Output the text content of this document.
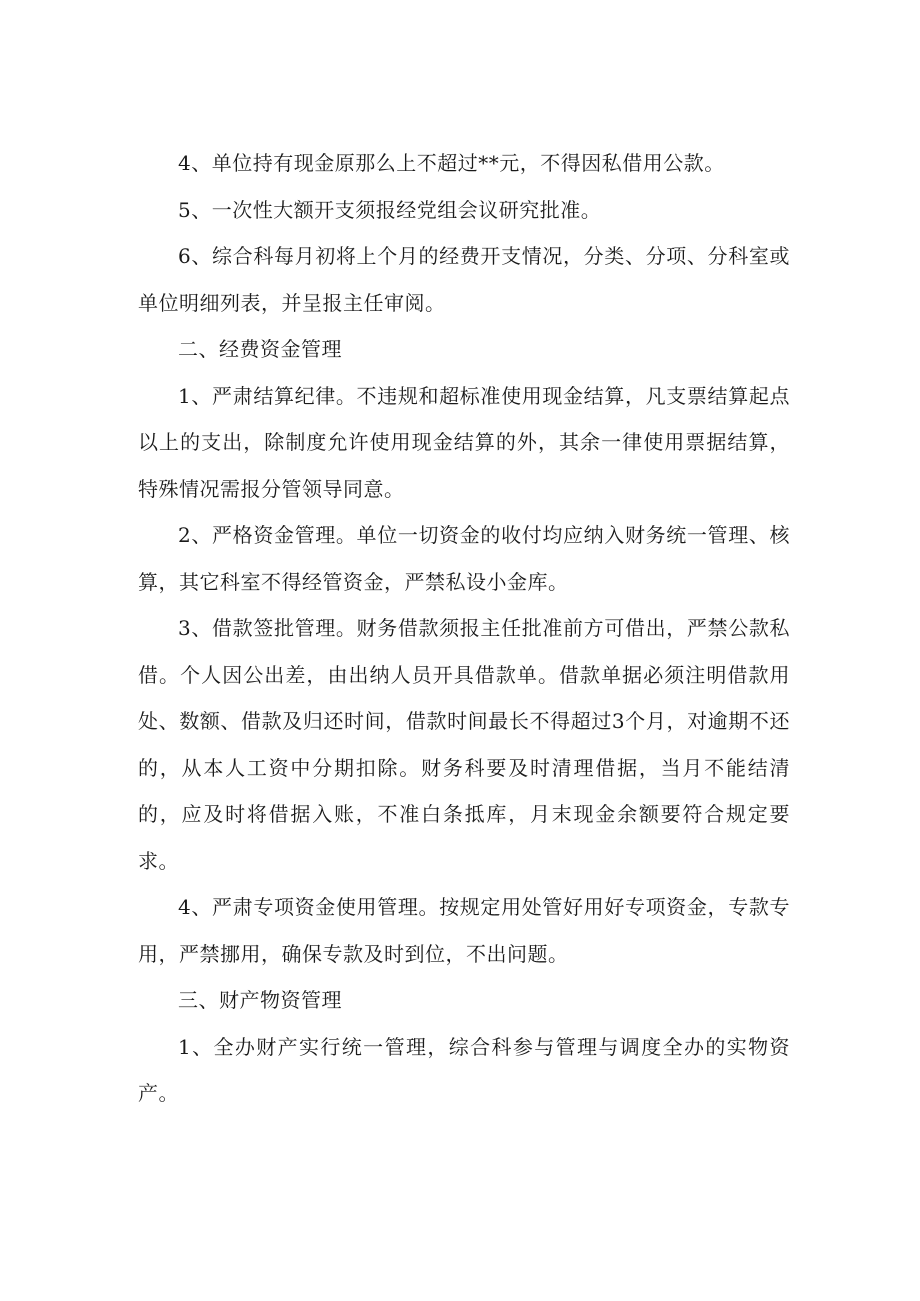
4、单位持有现金原那么上不超过**元，不得因私借用公款。

5、一次性大额开支须报经党组会议研究批准。

6、综合科每月初将上个月的经费开支情况，分类、分项、分科室或单位明细列表，并呈报主任审阅。

二、经费资金管理

1、严肃结算纪律。不违规和超标准使用现金结算，凡支票结算起点以上的支出，除制度允许使用现金结算的外，其余一律使用票据结算，特殊情况需报分管领导同意。

2、严格资金管理。单位一切资金的收付均应纳入财务统一管理、核算，其它科室不得经管资金，严禁私设小金库。

3、借款签批管理。财务借款须报主任批准前方可借出，严禁公款私借。个人因公出差，由出纳人员开具借款单。借款单据必须注明借款用处、数额、借款及归还时间，借款时间最长不得超过3个月，对逾期不还的，从本人工资中分期扣除。财务科要及时清理借据，当月不能结清的，应及时将借据入账，不准白条抵库，月末现金余额要符合规定要求。

4、严肃专项资金使用管理。按规定用处管好用好专项资金，专款专用，严禁挪用，确保专款及时到位，不出问题。

三、财产物资管理

1、全办财产实行统一管理，综合科参与管理与调度全办的实物资产。
